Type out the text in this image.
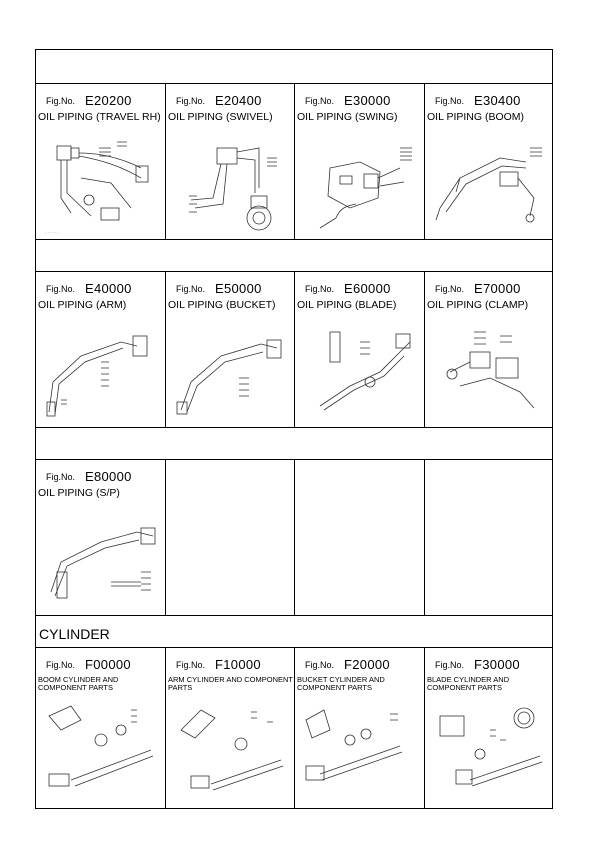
Fig.No. E20200
OIL PIPING (TRAVEL RH)
· · · · · ·
Fig.No. E20400
OIL PIPING (SWIVEL)
Fig.No. E30000
OIL PIPING (SWING)
Fig.No. E30400
OIL PIPING (BOOM)
Fig.No. E40000
OIL PIPING (ARM)
Fig.No. E50000
OIL PIPING (BUCKET)
Fig.No. E60000
OIL PIPING (BLADE)
Fig.No. E70000
OIL PIPING (CLAMP)
Fig.No. E80000
OIL PIPING (S/P)
CYLINDER
Fig.No. F00000
BOOM CYLINDER AND COMPONENT PARTS
Fig.No. F10000
ARM CYLINDER AND COMPONENT PARTS
Fig.No. F20000
BUCKET CYLINDER AND COMPONENT PARTS
Fig.No. F30000
BLADE CYLINDER AND COMPONENT PARTS
